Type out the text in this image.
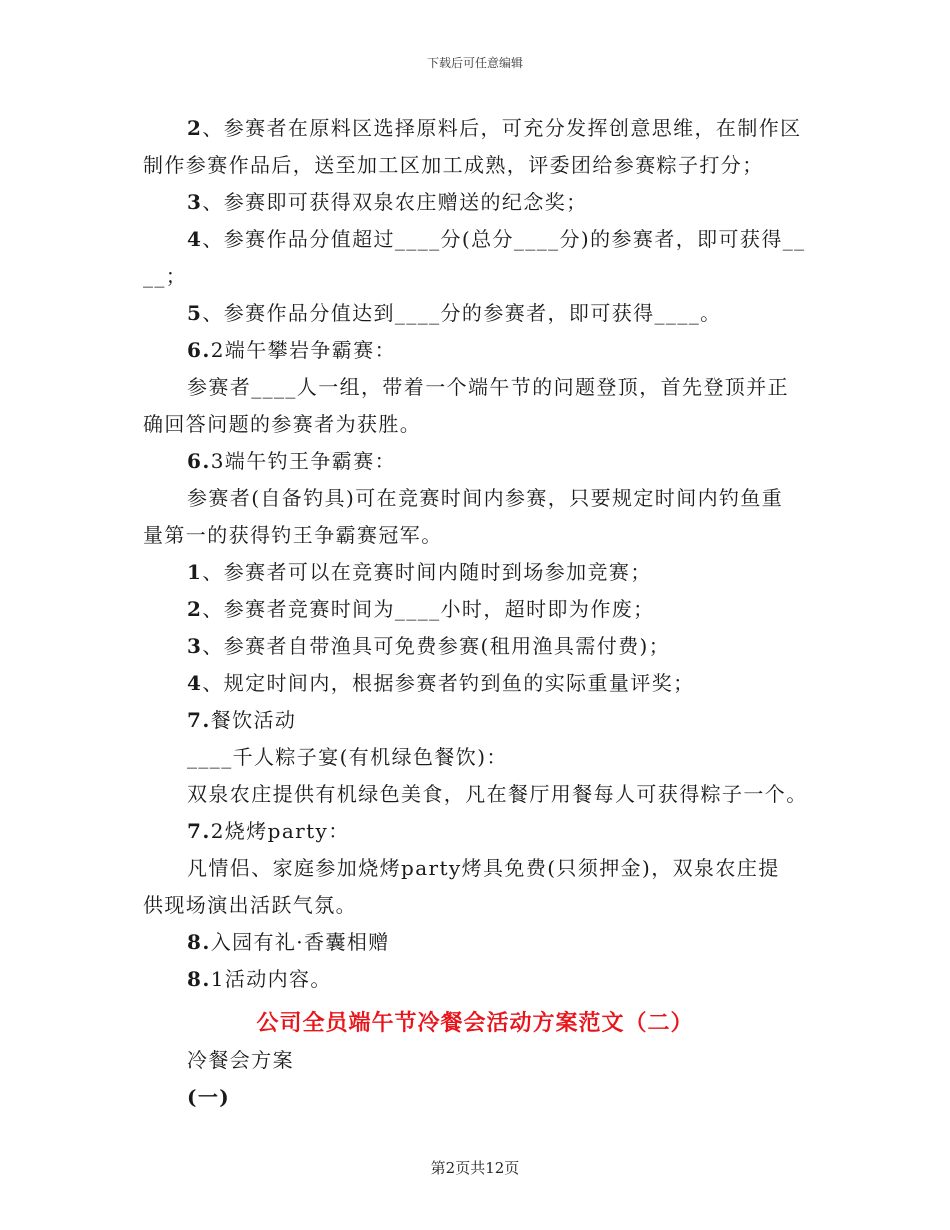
下载后可任意编辑
2、参赛者在原料区选择原料后，可充分发挥创意思维，在制作区
制作参赛作品后，送至加工区加工成熟，评委团给参赛粽子打分；
3、参赛即可获得双泉农庄赠送的纪念奖；
4、参赛作品分值超过____分(总分____分)的参赛者，即可获得__
__；
5、参赛作品分值达到____分的参赛者，即可获得____。
6.2端午攀岩争霸赛：
参赛者____人一组，带着一个端午节的问题登顶，首先登顶并正
确回答问题的参赛者为获胜。
6.3端午钓王争霸赛：
参赛者(自备钓具)可在竞赛时间内参赛，只要规定时间内钓鱼重
量第一的获得钓王争霸赛冠军。
1、参赛者可以在竞赛时间内随时到场参加竞赛；
2、参赛者竞赛时间为____小时，超时即为作废；
3、参赛者自带渔具可免费参赛(租用渔具需付费)；
4、规定时间内，根据参赛者钓到鱼的实际重量评奖；
7.餐饮活动
____千人粽子宴(有机绿色餐饮)：
双泉农庄提供有机绿色美食，凡在餐厅用餐每人可获得粽子一个。
7.2烧烤party：
凡情侣、家庭参加烧烤party烤具免费(只须押金)，双泉农庄提
供现场演出活跃气氛。
8.入园有礼·香囊相赠
8.1活动内容。
公司全员端午节冷餐会活动方案范文（二）
冷餐会方案
(一)
第2页共12页
